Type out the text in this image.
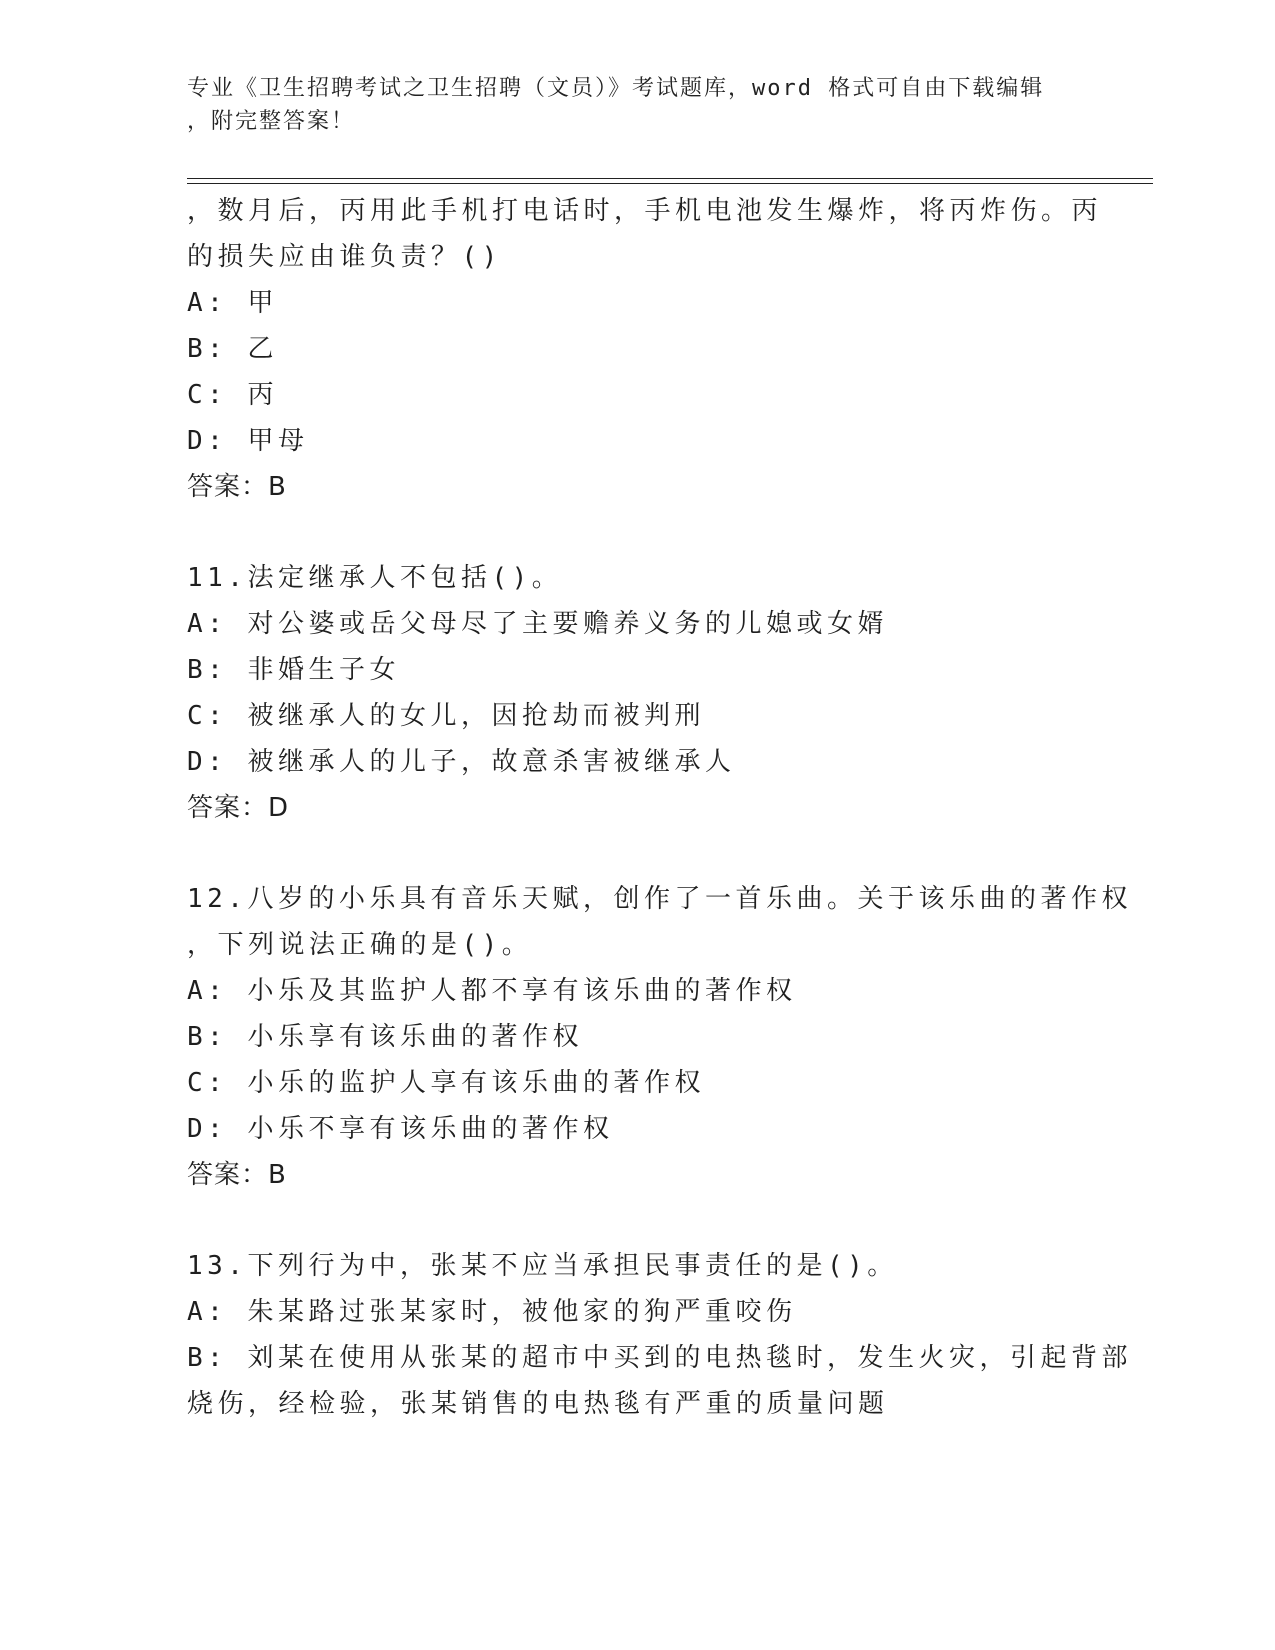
专业《卫生招聘考试之卫生招聘（文员）》考试题库，word 格式可自由下载编辑
，附完整答案！
，数月后，丙用此手机打电话时，手机电池发生爆炸，将丙炸伤。丙
的损失应由谁负责？()
A: 甲
B: 乙
C: 丙
D: 甲母
答案：B
11.法定继承人不包括()。
A: 对公婆或岳父母尽了主要赡养义务的儿媳或女婿
B: 非婚生子女
C: 被继承人的女儿，因抢劫而被判刑
D: 被继承人的儿子，故意杀害被继承人
答案：D
12.八岁的小乐具有音乐天赋，创作了一首乐曲。关于该乐曲的著作权
，下列说法正确的是()。
A: 小乐及其监护人都不享有该乐曲的著作权
B: 小乐享有该乐曲的著作权
C: 小乐的监护人享有该乐曲的著作权
D: 小乐不享有该乐曲的著作权
答案：B
13.下列行为中，张某不应当承担民事责任的是()。
A: 朱某路过张某家时，被他家的狗严重咬伤
B: 刘某在使用从张某的超市中买到的电热毯时，发生火灾，引起背部
烧伤，经检验，张某销售的电热毯有严重的质量问题
